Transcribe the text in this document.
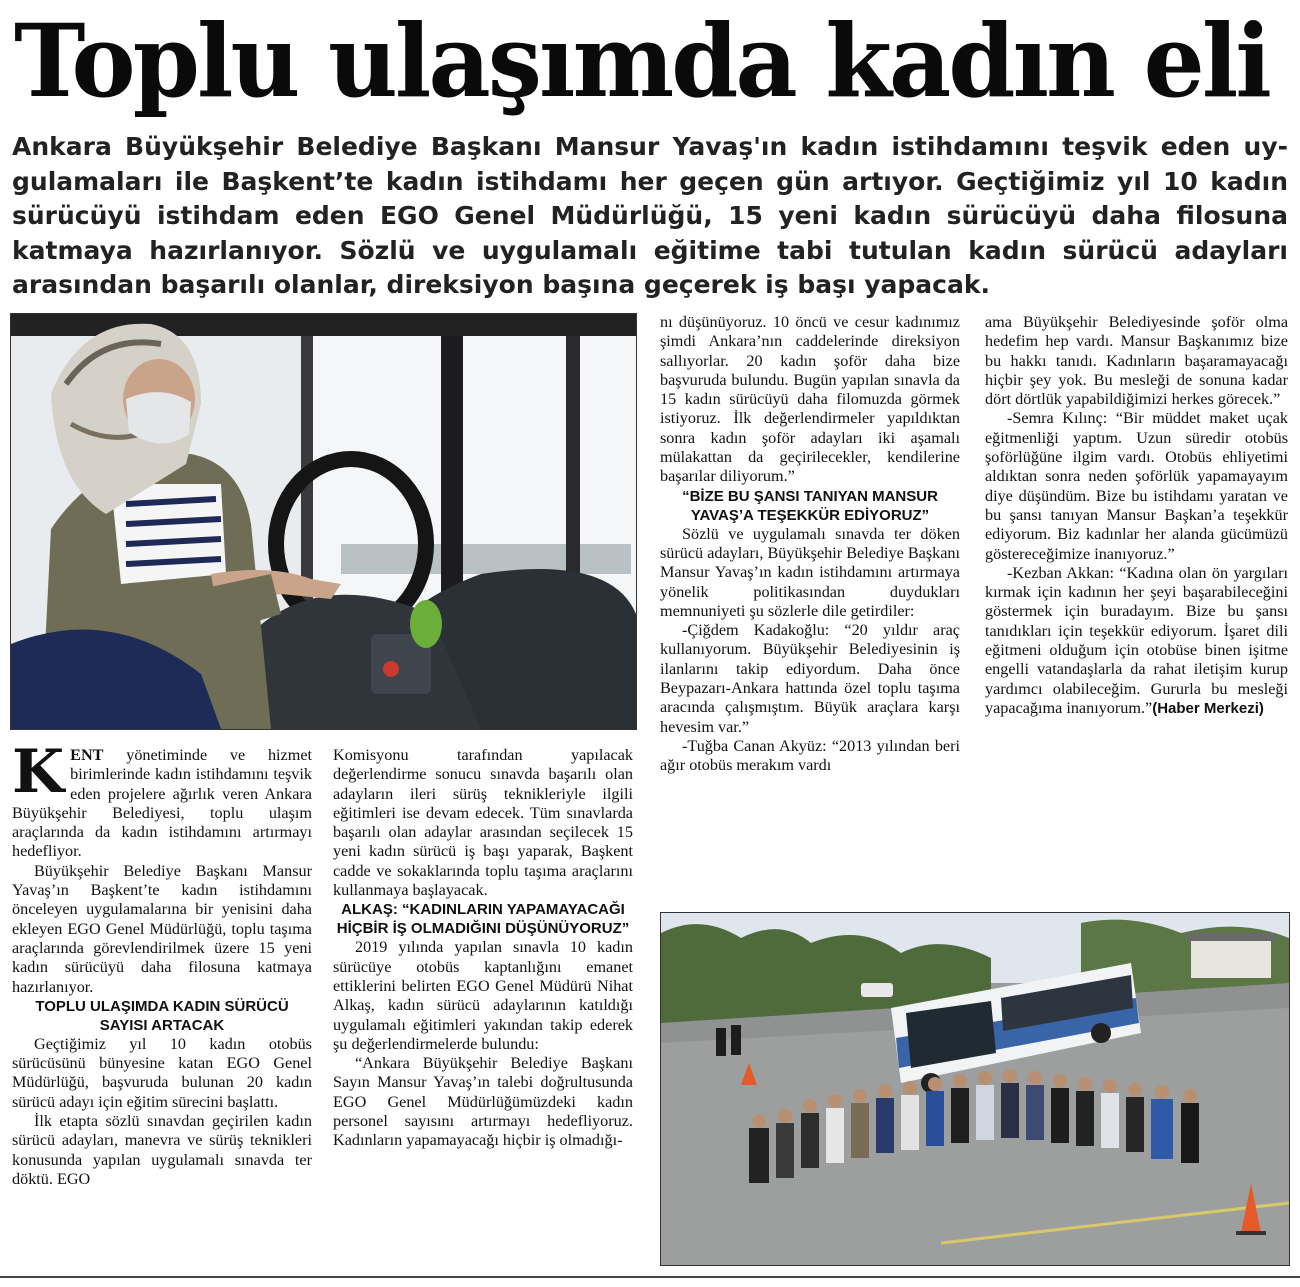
Toplu ulaşımda kadın eli
Ankara Büyükşehir Belediye Başkanı Mansur Yavaş'ın kadın istihdamını teşvik eden uy-
gulamaları ile Başkent’te kadın istihdamı her geçen gün artıyor. Geçtiğimiz yıl 10 kadın
sürücüyü istihdam eden EGO Genel Müdürlüğü, 15 yeni kadın sürücüyü daha filosuna
katmaya hazırlanıyor. Sözlü ve uygulamalı eğitime tabi tutulan kadın sürücü adayları
arasından başarılı olanlar, direksiyon başına geçerek iş başı yapacak.

KENT yönetiminde ve hizmet birimlerinde kadın istihdamını teşvik eden projelere ağırlık veren Ankara Büyükşehir Belediyesi, toplu ulaşım araçlarında da kadın istihdamını artırmayı hedefliyor.

Büyükşehir Belediye Başkanı Mansur Yavaş’ın Başkent’te kadın istihdamını önceleyen uygulamalarına bir yenisini daha ekleyen EGO Genel Müdürlüğü, toplu taşıma araçlarında görevlendirilmek üzere 15 yeni kadın sürücüyü daha filosuna katmaya hazırlanıyor.

TOPLU ULAŞIMDA KADIN SÜRÜCÜ SAYISI ARTACAK

Geçtiğimiz yıl 10 kadın otobüs sürücüsünü bünyesine katan EGO Genel Müdürlüğü, başvuruda bulunan 20 kadın sürücü adayı için eğitim sürecini başlattı.

İlk etapta sözlü sınavdan geçirilen kadın sürücü adayları, manevra ve sürüş teknikleri konusunda yapılan uygulamalı sınavda ter döktü. EGO

Komisyonu tarafından yapılacak değerlendirme sonucu sınavda başarılı olan adayların ileri sürüş teknikleriyle ilgili eğitimleri ise devam edecek. Tüm sınavlarda başarılı olan adaylar arasından seçilecek 15 yeni kadın sürücü iş başı yaparak, Başkent cadde ve sokaklarında toplu taşıma araçlarını kullanmaya başlayacak.

ALKAŞ: “KADINLARIN YAPAMAYACAĞI HİÇBİR İŞ OLMADIĞINI DÜŞÜNÜYORUZ”

2019 yılında yapılan sınavla 10 kadın sürücüye otobüs kaptanlığını emanet ettiklerini belirten EGO Genel Müdürü Nihat Alkaş, kadın sürücü adaylarının katıldığı uygulamalı eğitimleri yakından takip ederek şu değerlendirmelerde bulundu:

“Ankara Büyükşehir Belediye Başkanı Sayın Mansur Yavaş’ın talebi doğrultusunda EGO Genel Müdürlüğümüzdeki kadın personel sayısını artırmayı hedefliyoruz. Kadınların yapamayacağı hiçbir iş olmadığı-

nı düşünüyoruz. 10 öncü ve cesur kadınımız şimdi Ankara’nın caddelerinde direksiyon sallıyorlar. 20 kadın şoför daha bize başvuruda bulundu. Bugün yapılan sınavla da 15 kadın sürücüyü daha filomuzda görmek istiyoruz. İlk değerlendirmeler yapıldıktan sonra kadın şoför adayları iki aşamalı mülakattan da geçirilecekler, kendilerine başarılar diliyorum.”

“BİZE BU ŞANSI TANIYAN MANSUR YAVAŞ’A TEŞEKKÜR EDİYORUZ”

Sözlü ve uygulamalı sınavda ter döken sürücü adayları, Büyükşehir Belediye Başkanı Mansur Yavaş’ın kadın istihdamını artırmaya yönelik politikasından duydukları memnuniyeti şu sözlerle dile getirdiler:

-Çiğdem Kadakoğlu: “20 yıldır araç kullanıyorum. Büyükşehir Belediyesinin iş ilanlarını takip ediyordum. Daha önce Beypazarı-Ankara hattında özel toplu taşıma aracında çalışmıştım. Büyük araçlara karşı hevesim var.”

-Tuğba Canan Akyüz: “2013 yılından beri ağır otobüs merakım vardı

ama Büyükşehir Belediyesinde şoför olma hedefim hep vardı. Mansur Başkanımız bize bu hakkı tanıdı. Kadınların başaramayacağı hiçbir şey yok. Bu mesleği de sonuna kadar dört dörtlük yapabildiğimizi herkes görecek.”

-Semra Kılınç: “Bir müddet maket uçak eğitmenliği yaptım. Uzun süredir otobüs şoförlüğüne ilgim vardı. Otobüs ehliyetimi aldıktan sonra neden şoförlük yapamayayım diye düşündüm. Bize bu istihdamı yaratan ve bu şansı tanıyan Mansur Başkan’a teşekkür ediyorum. Biz kadınlar her alanda gücümüzü göstereceğimize inanıyoruz.”

-Kezban Akkan: “Kadına olan ön yargıları kırmak için kadının her şeyi başarabileceğini göstermek için buradayım. Bize bu şansı tanıdıkları için teşekkür ediyorum. İşaret dili eğitmeni olduğum için otobüse binen işitme engelli vatandaşlarla da rahat iletişim kurup yardımcı olabileceğim. Gururla bu mesleği yapacağıma inanıyorum.”(Haber Merkezi)
